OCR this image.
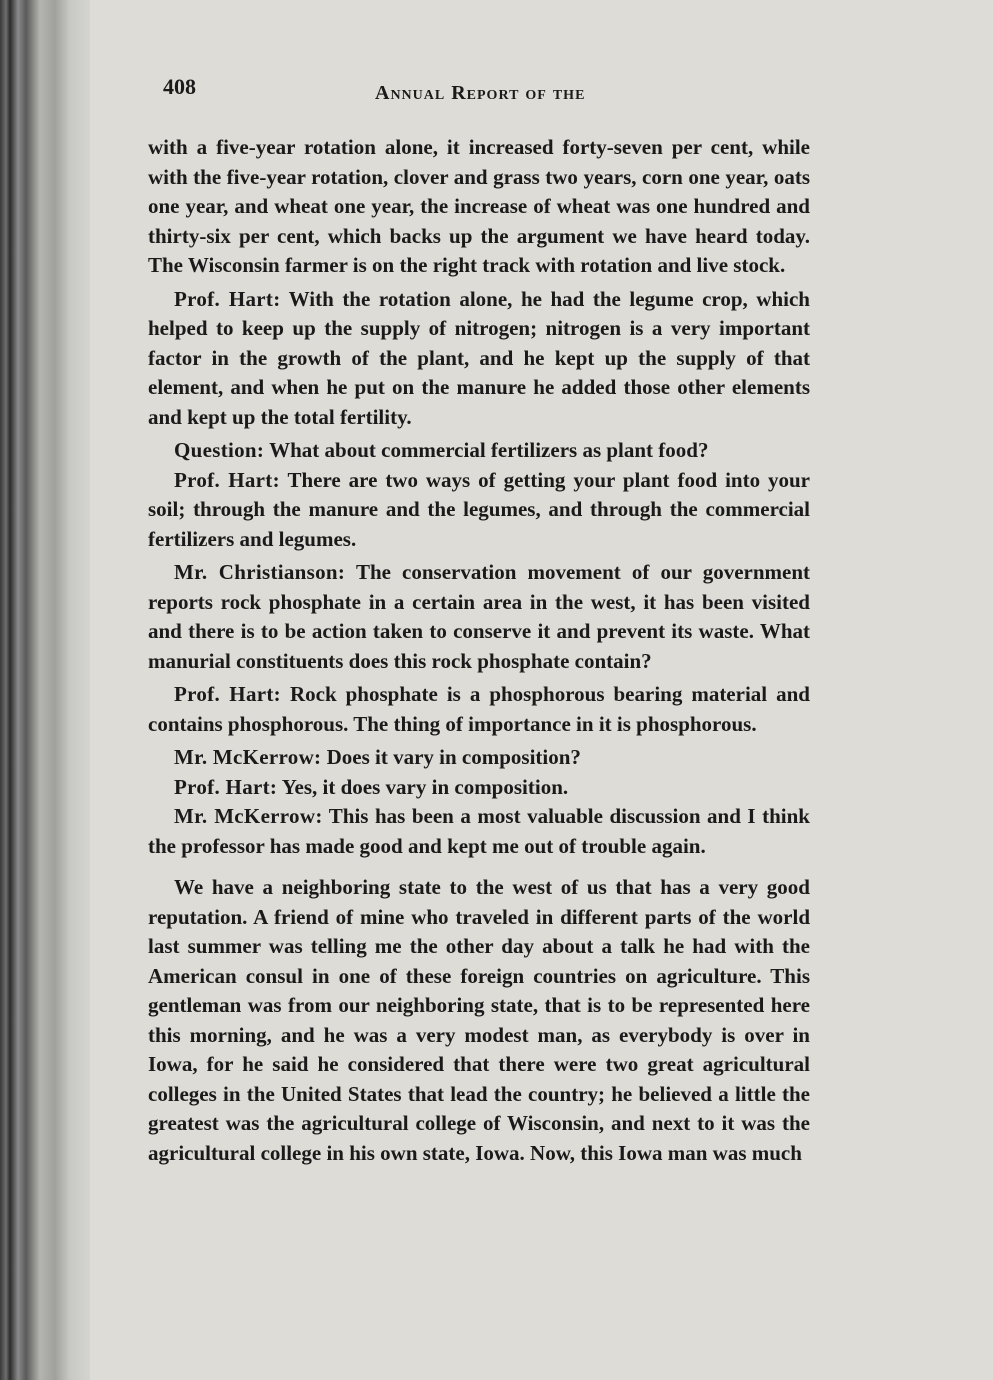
408	Annual Report of the

with a five-year rotation alone, it increased forty-seven per cent, while with the five-year rotation, clover and grass two years, corn one year, oats one year, and wheat one year, the increase of wheat was one hundred and thirty-six per cent, which backs up the argument we have heard today. The Wisconsin farmer is on the right track with rotation and live stock.

Prof. Hart: With the rotation alone, he had the legume crop, which helped to keep up the supply of nitrogen; nitrogen is a very important factor in the growth of the plant, and he kept up the supply of that element, and when he put on the manure he added those other elements and kept up the total fertility.

Question: What about commercial fertilizers as plant food?

Prof. Hart: There are two ways of getting your plant food into your soil; through the manure and the legumes, and through the commercial fertilizers and legumes.

Mr. Christianson: The conservation movement of our government reports rock phosphate in a certain area in the west, it has been visited and there is to be action taken to conserve it and prevent its waste. What manurial constituents does this rock phosphate contain?

Prof. Hart: Rock phosphate is a phosphorous bearing material and contains phosphorous. The thing of importance in it is phosphorous.

Mr. McKerrow: Does it vary in composition?

Prof. Hart: Yes, it does vary in composition.

Mr. McKerrow: This has been a most valuable discussion and I think the professor has made good and kept me out of trouble again.

We have a neighboring state to the west of us that has a very good reputation. A friend of mine who traveled in different parts of the world last summer was telling me the other day about a talk he had with the American consul in one of these foreign countries on agriculture. This gentleman was from our neighboring state, that is to be represented here this morning, and he was a very modest man, as everybody is over in Iowa, for he said he considered that there were two great agricultural colleges in the United States that lead the country; he believed a little the greatest was the agricultural college of Wisconsin, and next to it was the agricultural college in his own state, Iowa. Now, this Iowa man was much
